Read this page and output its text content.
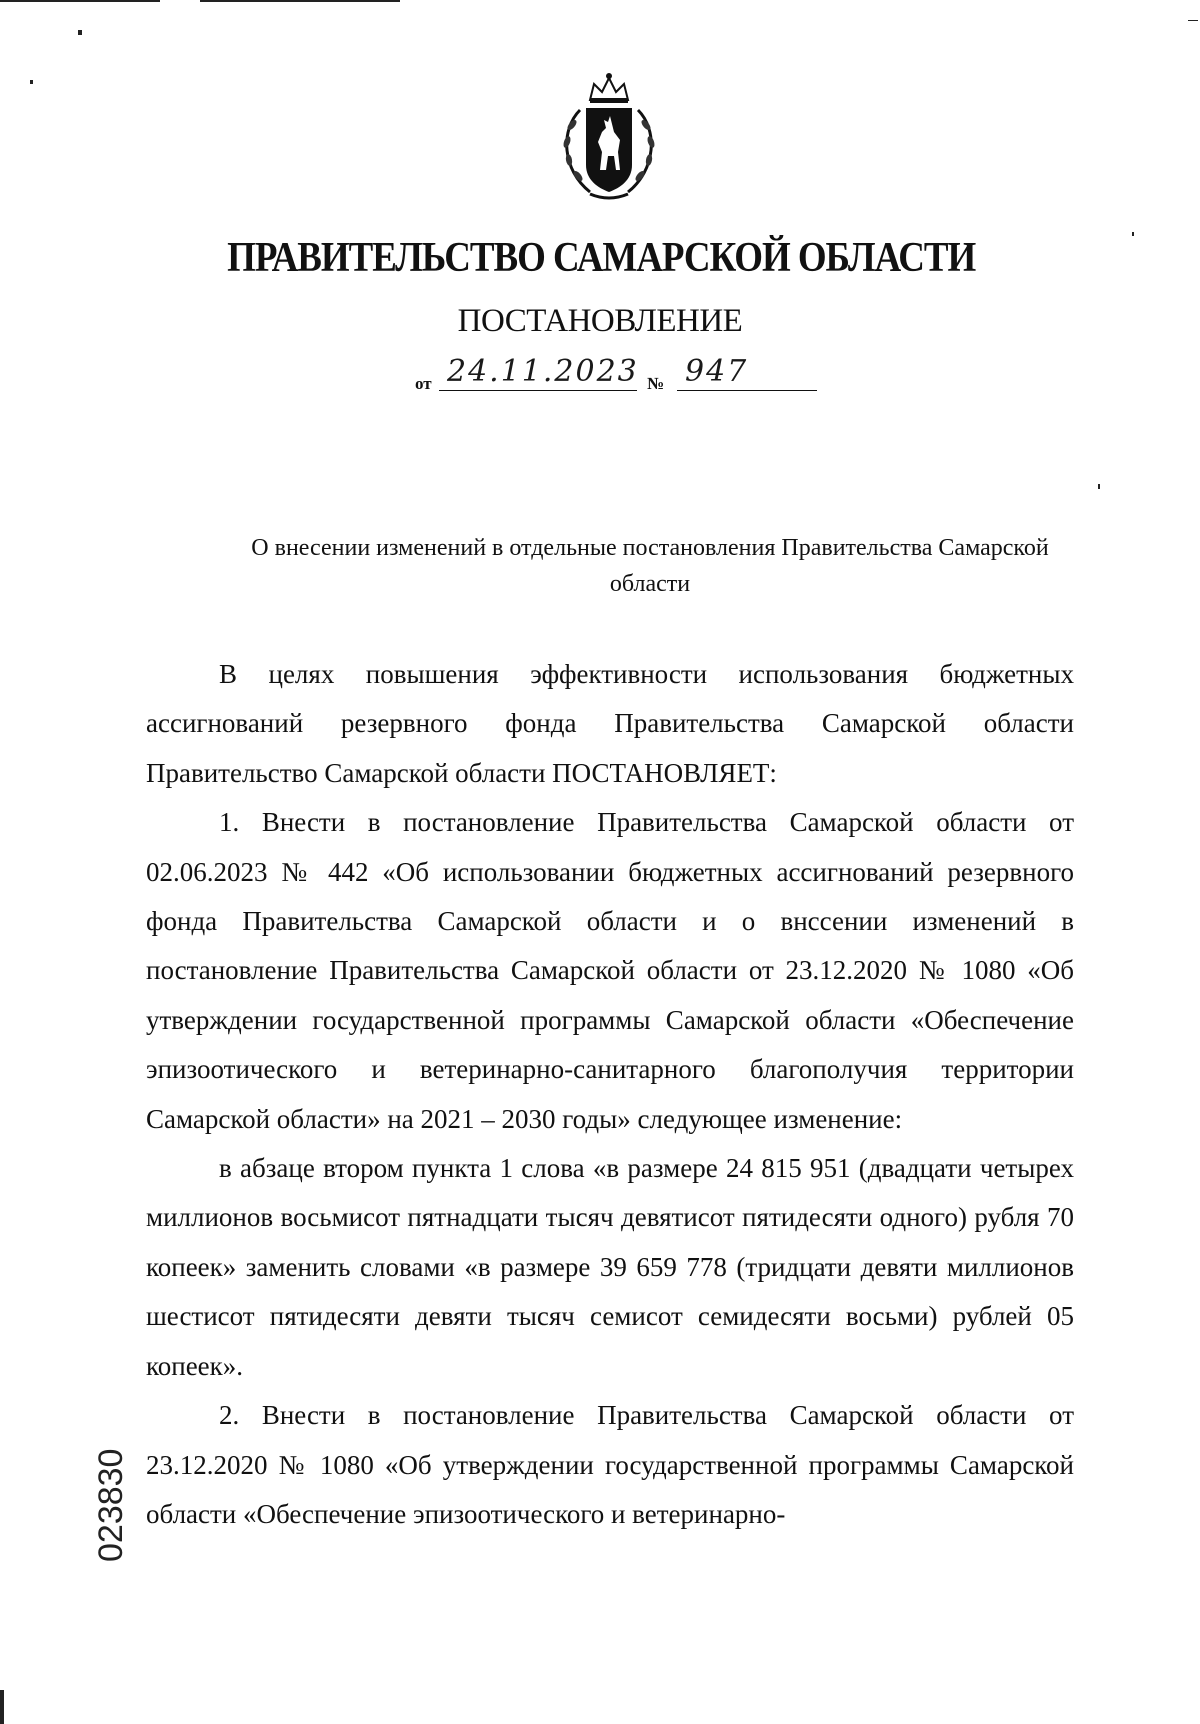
ПРАВИТЕЛЬСТВО САМАРСКОЙ ОБЛАСТИ
ПОСТАНОВЛЕНИЕ
от 24.11.2023 № 947
О внесении изменений в отдельные постановления Правительства Самарской области

В целях повышения эффективности использования бюджетных ассигнований резервного фонда Правительства Самарской области Правительство Самарской области ПОСТАНОВЛЯЕТ:

1. Внести в постановление Правительства Самарской области от 02.06.2023 № 442 «Об использовании бюджетных ассигнований резервного фонда Правительства Самарской области и о внссении изменений в постановление Правительства Самарской области от 23.12.2020 № 1080 «Об утверждении государственной программы Самарской области «Обеспечение эпизоотического и ветеринарно-санитарного благополучия территории Самарской области» на 2021 – 2030 годы» следующее изменение:

в абзаце втором пункта 1 слова «в размере 24 815 951 (двадцати четырех миллионов восьмисот пятнадцати тысяч девятисот пятидесяти одного) рубля 70 копеек» заменить словами «в размере 39 659 778 (тридцати девяти миллионов шестисот пятидесяти девяти тысяч семисот семидесяти восьми) рублей 05 копеек».

2. Внести в постановление Правительства Самарской области от 23.12.2020 № 1080 «Об утверждении государственной программы Самарской области «Обеспечение эпизоотического и ветеринарно-

023830
